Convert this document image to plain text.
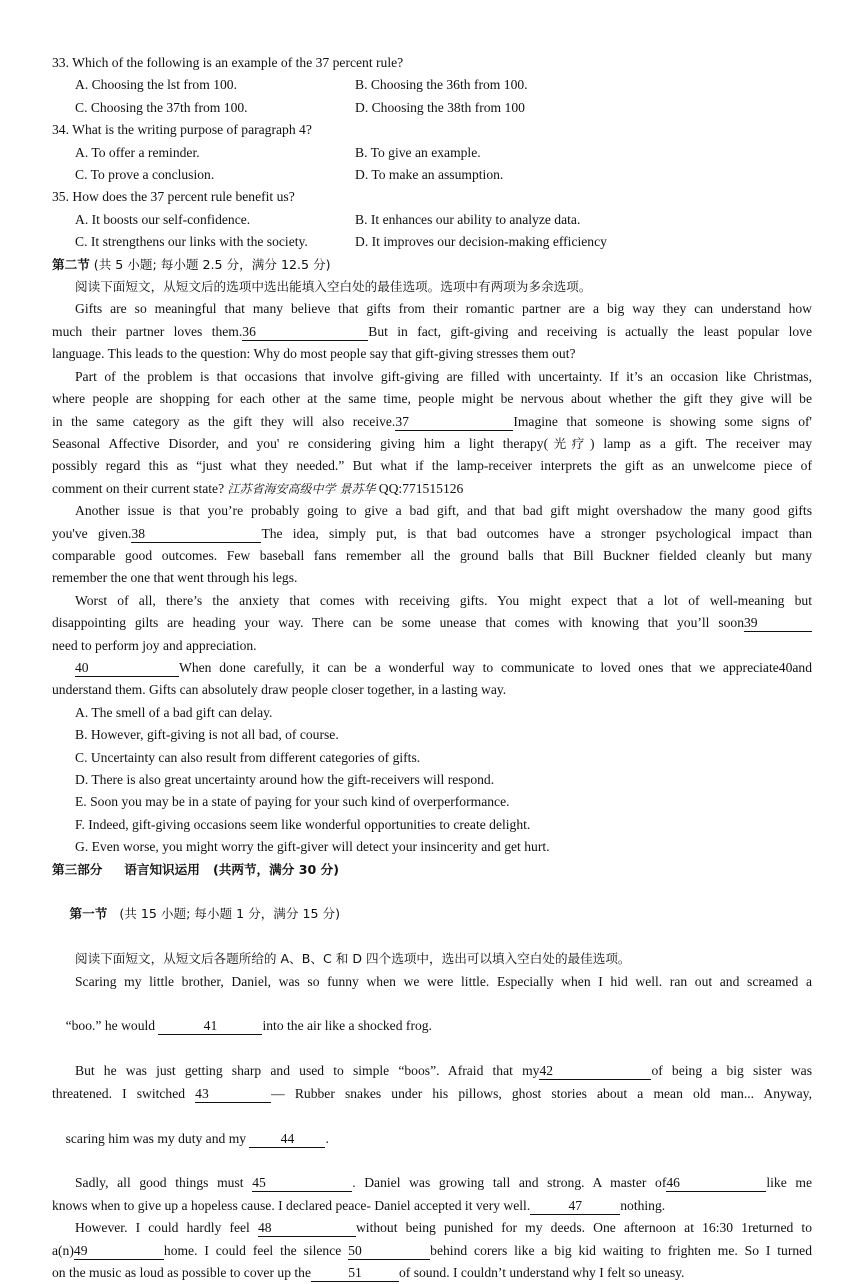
33. Which of the following is an example of the 37 percent rule?
A. Choosing the lst from 100.	B. Choosing the 36th from 100.
C. Choosing the 37th from 100.	D. Choosing the 38th from 100
34. What is the writing purpose of paragraph 4?
A. To offer a reminder.	B. To give an example.
C. To prove a conclusion.	D. To make an assumption.
35. How does the 37 percent rule benefit us?
A. It boosts our self-confidence.	B. It enhances our ability to analyze data.
C. It strengthens our links with the society.	D. It improves our decision-making efficiency
第二节 (共 5 小题; 每小题 2.5 分，满分 12.5 分)
阅读下面短文，从短文后的选项中选出能填入空白处的最佳选项。选项中有两项为多余选项。
Gifts are so meaningful that many believe that gifts from their romantic partner are a big way they can understand how
much their partner loves them.36	But in fact, gift-giving and receiving is actually the least popular love
language. This leads to the question: Why do most people say that gift-giving stresses them out?
Part of the problem is that occasions that involve gift-giving are filled with uncertainty. If it’s an occasion like Christmas,
where people are shopping for each other at the same time, people might be nervous about whether the gift they give will be
in the same category as the gift they will also receive.37	Imagine that someone is showing some signs of'
Seasonal Affective Disorder, and you' re considering giving him a light therapy(光疗) lamp as a gift. The receiver may
possibly regard this as “just what they needed.” But what if the lamp-receiver interprets the gift as an unwelcome piece of
comment on their current state? 江苏省海安高级中学 景苏华 QQ:771515126
Another issue is that you’re probably going to give a bad gift, and that bad gift might overshadow the many good gifts
you've given.38	The idea, simply put, is that bad outcomes have a stronger psychological impact than
comparable good outcomes. Few baseball fans remember all the ground balls that Bill Buckner fielded cleanly but many
remember the one that went through his legs.
Worst of all, there’s the anxiety that comes with receiving gifts. You might expect that a lot of well-meaning but
disappointing gilts are heading your way. There can be some unease that comes with knowing that you’ll soon39
need to perform joy and appreciation.
40	When done carefully, it can be a wonderful way to communicate to loved ones that we appreciate40and
understand them. Gifts can absolutely draw people closer together, in a lasting way.
A. The smell of a bad gift can delay.
B. However, gift-giving is not all bad, of course.
C. Uncertainty can also result from different categories of gifts.
D. There is also great uncertainty around how the gift-receivers will respond.
E. Soon you may be in a state of paying for your such kind of overperformance.
F. Indeed, gift-giving occasions seem like wonderful opportunities to create delight.
G. Even worse, you might worry the gift-giver will detect your insincerity and get hurt.
第三部分     语言知识运用   (共两节，满分 30 分)

第一节   (共 15 小题; 每小题 1 分，满分 15 分)

阅读下面短文，从短文后各题所给的 A、B、C 和 D 四个选项中，选出可以填入空白处的最佳选项。
Scaring my little brother, Daniel, was so funny when we were little. Especially when I hid well. ran out and screamed a

“boo.” he would	41	into the air like a shocked frog.

But he was just getting sharp and used to simple “boos”. Afraid that my42	of being a big sister was
threatened. I switched 43	— Rubber snakes under his pillows, ghost stories about a mean old man... Anyway,

scaring him was my duty and my 44 .

Sadly, all good things must 45	. Daniel was growing tall and strong. A master of46	like me
knows when to give up a hopeless cause. I declared peace- Daniel accepted it very well.	47	nothing.
However. I could hardly feel 48	without being punished for my deeds. One afternoon at 16:30 1returned to
a(n)49	home. I could feel the silence 50	behind corers like a big kid waiting to frighten me. So I turned
on the music as loud as possible to cover up the	51	of sound. I couldn’t understand why I felt so uneasy.
